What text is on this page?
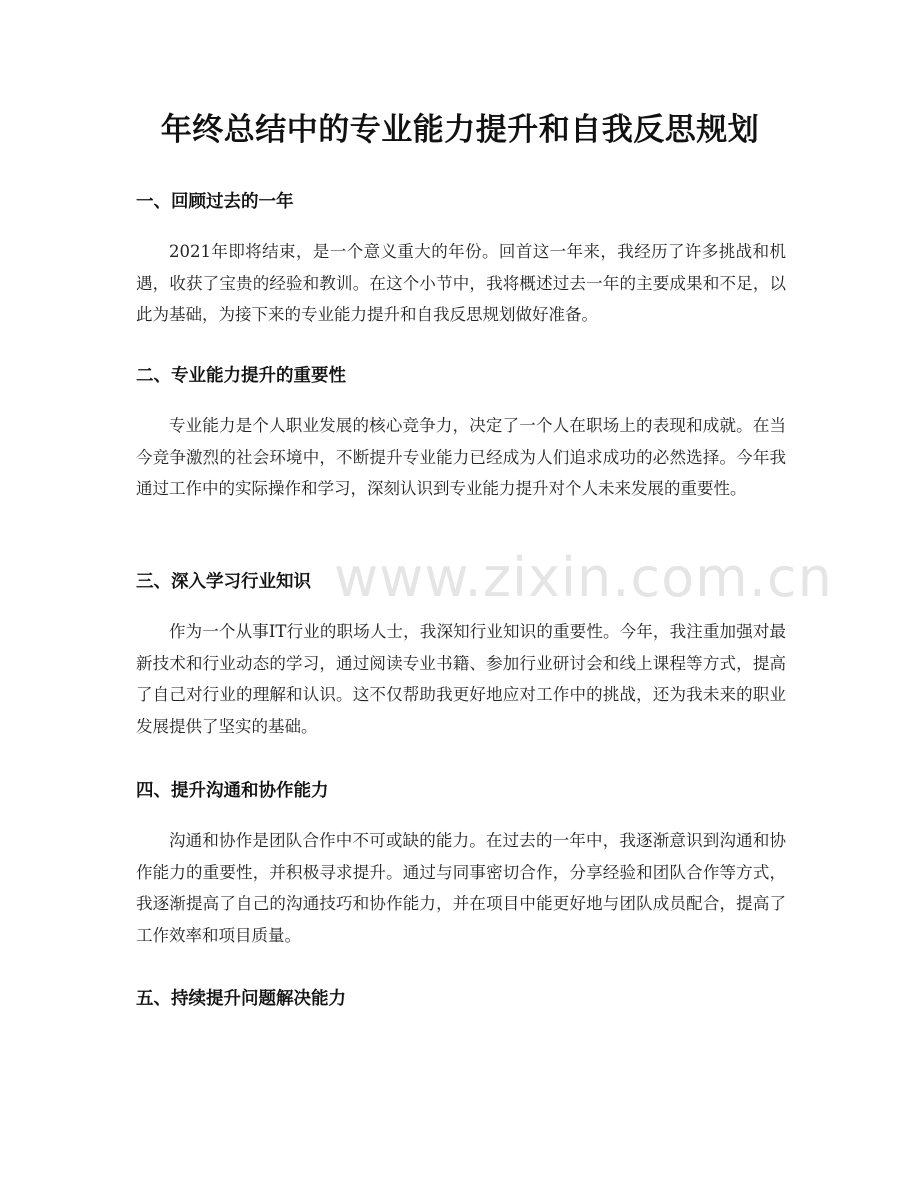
年终总结中的专业能力提升和自我反思规划
一、回顾过去的一年

2021年即将结束，是一个意义重大的年份。回首这一年来，我经历了许多挑战和机遇，收获了宝贵的经验和教训。在这个小节中，我将概述过去一年的主要成果和不足，以此为基础，为接下来的专业能力提升和自我反思规划做好准备。

二、专业能力提升的重要性

专业能力是个人职业发展的核心竞争力，决定了一个人在职场上的表现和成就。在当今竞争激烈的社会环境中，不断提升专业能力已经成为人们追求成功的必然选择。今年我通过工作中的实际操作和学习，深刻认识到专业能力提升对个人未来发展的重要性。

三、深入学习行业知识

作为一个从事IT行业的职场人士，我深知行业知识的重要性。今年，我注重加强对最新技术和行业动态的学习，通过阅读专业书籍、参加行业研讨会和线上课程等方式，提高了自己对行业的理解和认识。这不仅帮助我更好地应对工作中的挑战，还为我未来的职业发展提供了坚实的基础。

四、提升沟通和协作能力

沟通和协作是团队合作中不可或缺的能力。在过去的一年中，我逐渐意识到沟通和协作能力的重要性，并积极寻求提升。通过与同事密切合作，分享经验和团队合作等方式，我逐渐提高了自己的沟通技巧和协作能力，并在项目中能更好地与团队成员配合，提高了工作效率和项目质量。

五、持续提升问题解决能力
www.zixin.com.cn
